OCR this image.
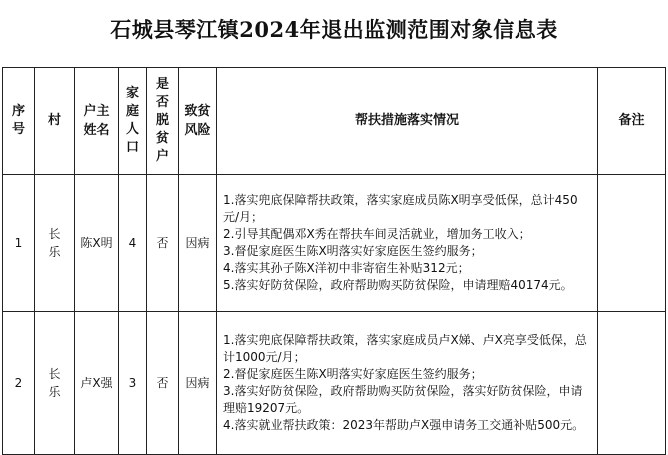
石城县琴江镇2024年退出监测范围对象信息表
序号	村	户主姓名	家庭人口	是否脱贫户	致贫风险	帮扶措施落实情况	备注
1	长乐	陈X明	4	否	因病	1.落实兜底保障帮扶政策，落实家庭成员陈X明享受低保，总计450元/月；
2.引导其配偶邓X秀在帮扶车间灵活就业，增加务工收入；
3.督促家庭医生陈X明落实好家庭医生签约服务；
4.落实其孙子陈X洋初中非寄宿生补贴312元；
5.落实好防贫保险，政府帮助购买防贫保险，申请理赔40174元。	

2	长乐	卢X强	3	否	因病	1.落实兜底保障帮扶政策，落实家庭成员卢X娣、卢X亮享受低保，总计1000元/月；
2.督促家庭医生陈X明落实好家庭医生签约服务；
3.落实好防贫保险，政府帮助购买防贫保险，落实好防贫保险，申请理赔19207元。
4.落实就业帮扶政策：2023年帮助卢X强申请务工交通补贴500元。	
